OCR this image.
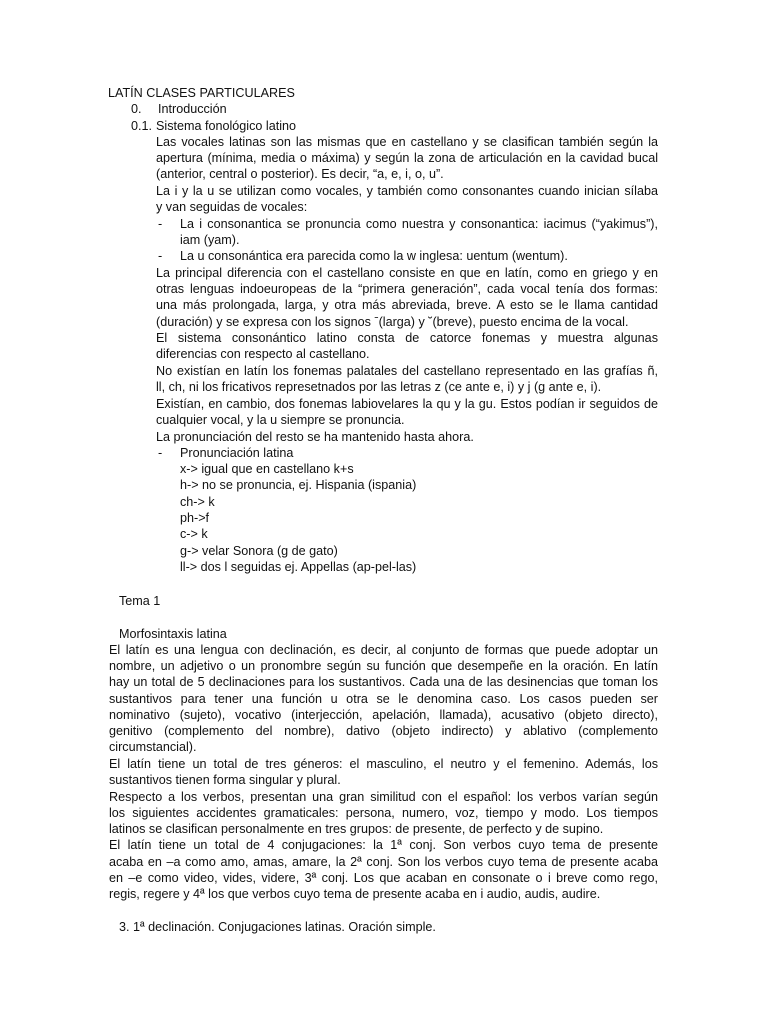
LATÍN CLASES PARTICULARES
0. Introducción
0.1. Sistema fonológico latino
Las vocales latinas son las mismas que en castellano y se clasifican también según la
apertura (mínima, media o máxima) y según la zona de articulación en la cavidad bucal
(anterior, central o posterior). Es decir, “a, e, i, o, u”.
La i y la u se utilizan como vocales, y también como consonantes cuando inician sílaba
y van seguidas de vocales:
- La i consonantica se pronuncia como nuestra y consonantica: iacimus (“yakimus”),
iam (yam).
- La u consonántica era parecida como la w inglesa: uentum (wentum).
La principal diferencia con el castellano consiste en que en latín, como en griego y en
otras lenguas indoeuropeas de la “primera generación”, cada vocal tenía dos formas:
una más prolongada, larga, y otra más abreviada, breve. A esto se le llama cantidad
(duración) y se expresa con los signos ˉ(larga) y ˘(breve), puesto encima de la vocal.
El sistema consonántico latino consta de catorce fonemas y muestra algunas
diferencias con respecto al castellano.
No existían en latín los fonemas palatales del castellano representado en las grafías ñ,
ll, ch, ni los fricativos represetnados por las letras z (ce ante e, i) y j (g ante e, i).
Existían, en cambio, dos fonemas labiovelares la qu y la gu. Estos podían ir seguidos de
cualquier vocal, y la u siempre se pronuncia.
La pronunciación del resto se ha mantenido hasta ahora.
- Pronunciación latina
x-> igual que en castellano k+s
h-> no se pronuncia, ej. Hispania (ispania)
ch-> k
ph->f
c-> k
g-> velar Sonora (g de gato)
ll-> dos l seguidas ej. Appellas (ap-pel-las)
Tema 1
Morfosintaxis latina
El latín es una lengua con declinación, es decir, al conjunto de formas que puede adoptar un
nombre, un adjetivo o un pronombre según su función que desempeñe en la oración. En latín
hay un total de 5 declinaciones para los sustantivos. Cada una de las desinencias que toman los
sustantivos para tener una función u otra se le denomina caso. Los casos pueden ser
nominativo (sujeto), vocativo (interjección, apelación, llamada), acusativo (objeto directo),
genitivo (complemento del nombre), dativo (objeto indirecto) y ablativo (complemento
circumstancial).
El latín tiene un total de tres géneros: el masculino, el neutro y el femenino. Además, los
sustantivos tienen forma singular y plural.
Respecto a los verbos, presentan una gran similitud con el español: los verbos varían según
los siguientes accidentes gramaticales: persona, numero, voz, tiempo y modo. Los tiempos
latinos se clasifican personalmente en tres grupos: de presente, de perfecto y de supino.
El latín tiene un total de 4 conjugaciones: la 1ª conj. Son verbos cuyo tema de presente
acaba en –a como amo, amas, amare, la 2ª conj. Son los verbos cuyo tema de presente acaba
en –e como video, vides, videre, 3ª conj. Los que acaban en consonate o i breve como rego,
regis, regere y 4ª los que verbos cuyo tema de presente acaba en i audio, audis, audire.
3. 1ª declinación. Conjugaciones latinas. Oración simple.
